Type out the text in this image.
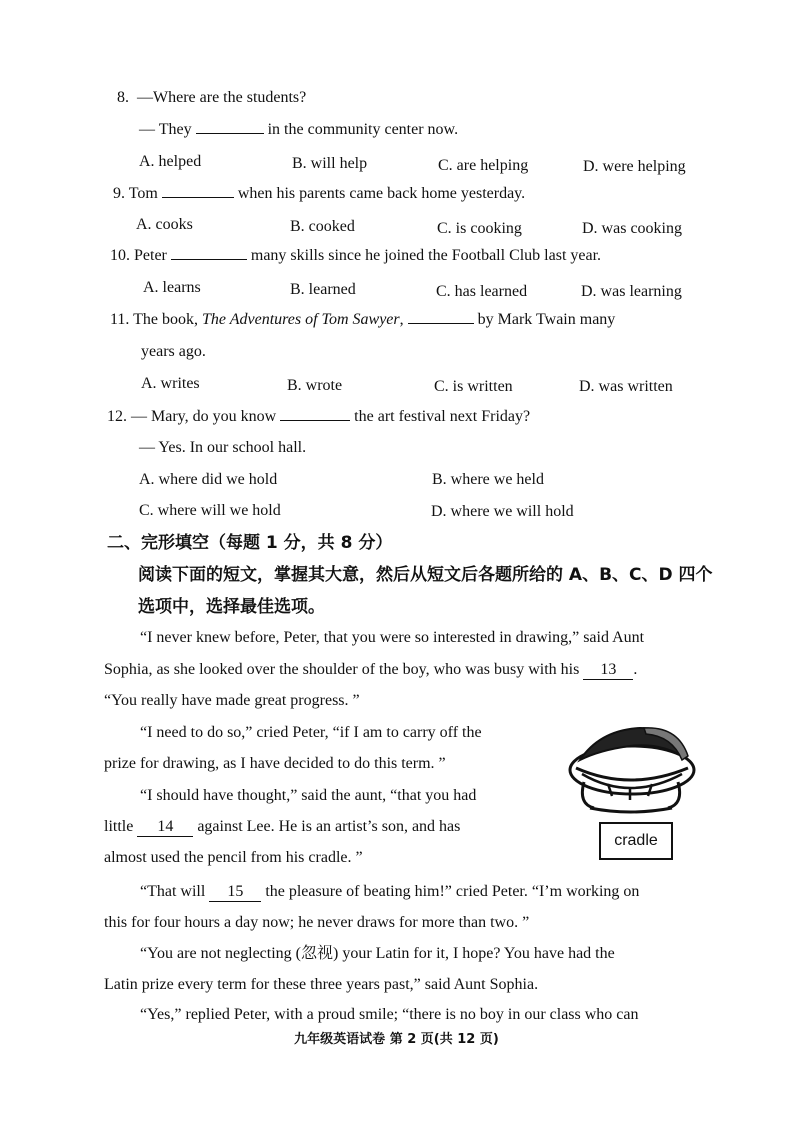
8. —Where are the students?
— They	in the community center now.
A. helped	B. will help	C. are helping	D. were helping
9. Tom	when his parents came back home yesterday.
A. cooks	B. cooked	C. is cooking	D. was cooking
10. Peter	many skills since he joined the Football Club last year.
A. learns	B. learned	C. has learned	D. was learning
11. The book, The Adventures of Tom Sawyer,	by Mark Twain many
years ago.
A. writes	B. wrote	C. is written	D. was written
12. — Mary, do you know	the art festival next Friday?
— Yes. In our school hall.
A. where did we hold	B. where we held
C. where will we hold	D. where we will hold
二、完形填空（每题 1 分，共 8 分）
阅读下面的短文，掌握其大意，然后从短文后各题所给的 A、B、C、D 四个
选项中，选择最佳选项。
“I never knew before, Peter, that you were so interested in drawing,” said Aunt
Sophia, as she looked over the shoulder of the boy, who was busy with his 13 .
“You really have made great progress. ”
“I need to do so,” cried Peter, “if I am to carry off the
prize for drawing, as I have decided to do this term. ”
“I should have thought,” said the aunt, “that you had
little 14 against Lee. He is an artist’s son, and has
almost used the pencil from his cradle. ”
“That will 15 the pleasure of beating him!” cried Peter. “I’m working on
this for four hours a day now; he never draws for more than two. ”
“You are not neglecting (忽视) your Latin for it, I hope? You have had the
Latin prize every term for these three years past,” said Aunt Sophia.
“Yes,” replied Peter, with a proud smile; “there is no boy in our class who can
cradle
九年级英语试卷 第 2 页(共 12 页)
